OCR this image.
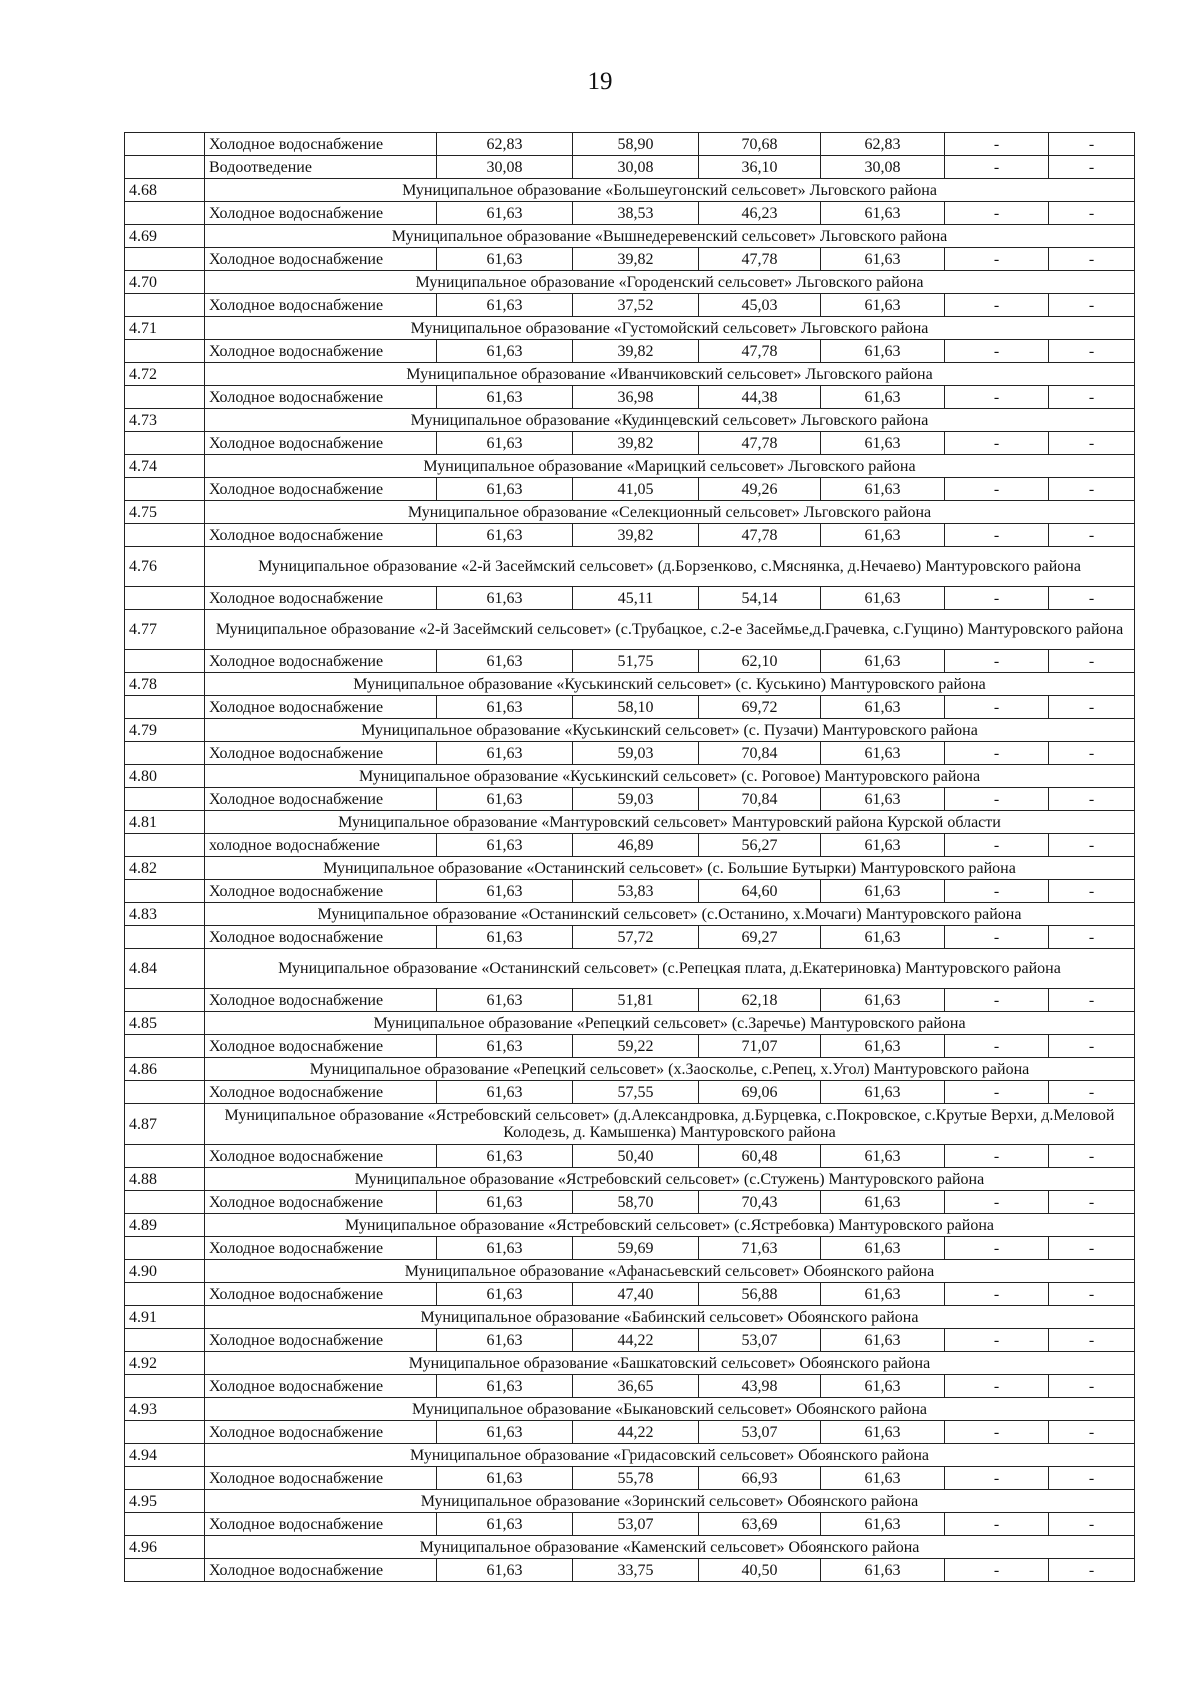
19
	Холодное водоснабжение	62,83	58,90	70,68	62,83	-	-
	Водоотведение	30,08	30,08	36,10	30,08	-	-
4.68	Муниципальное образование «Большеугонский сельсовет» Льговского района						
	Холодное водоснабжение	61,63	38,53	46,23	61,63	-	-
4.69	Муниципальное образование «Вышнедеревенский сельсовет» Льговского района						
	Холодное водоснабжение	61,63	39,82	47,78	61,63	-	-
4.70	Муниципальное образование «Городенский сельсовет» Льговского района						
	Холодное водоснабжение	61,63	37,52	45,03	61,63	-	-
4.71	Муниципальное образование «Густомойский сельсовет» Льговского района						
	Холодное водоснабжение	61,63	39,82	47,78	61,63	-	-
4.72	Муниципальное образование «Иванчиковский сельсовет» Льговского района						
	Холодное водоснабжение	61,63	36,98	44,38	61,63	-	-
4.73	Муниципальное образование «Кудинцевский сельсовет» Льговского района						
	Холодное водоснабжение	61,63	39,82	47,78	61,63	-	-
4.74	Муниципальное образование «Марицкий сельсовет» Льговского района						
	Холодное водоснабжение	61,63	41,05	49,26	61,63	-	-
4.75	Муниципальное образование «Селекционный сельсовет» Льговского района						
	Холодное водоснабжение	61,63	39,82	47,78	61,63	-	-
4.76	Муниципальное образование «2-й Засеймский сельсовет» (д.Борзенково, с.Мяснянка, д.Нечаево) Мантуровского района						
	Холодное водоснабжение	61,63	45,11	54,14	61,63	-	-
4.77	Муниципальное образование «2-й Засеймский сельсовет» (с.Трубацкое, с.2-е Засеймье,д.Грачевка, с.Гущино) Мантуровского района						
	Холодное водоснабжение	61,63	51,75	62,10	61,63	-	-
4.78	Муниципальное образование «Куськинский сельсовет» (с. Куськино) Мантуровского района						
	Холодное водоснабжение	61,63	58,10	69,72	61,63	-	-
4.79	Муниципальное образование «Куськинский сельсовет» (с. Пузачи) Мантуровского района						
	Холодное водоснабжение	61,63	59,03	70,84	61,63	-	-
4.80	Муниципальное образование «Куськинский сельсовет» (с. Роговое) Мантуровского района						
	Холодное водоснабжение	61,63	59,03	70,84	61,63	-	-
4.81	Муниципальное образование «Мантуровский сельсовет» Мантуровский района Курской области						
	холодное водоснабжение	61,63	46,89	56,27	61,63	-	-
4.82	Муниципальное образование «Останинский сельсовет» (с. Большие Бутырки) Мантуровского района						
	Холодное водоснабжение	61,63	53,83	64,60	61,63	-	-
4.83	Муниципальное образование «Останинский сельсовет» (с.Останино, х.Мочаги) Мантуровского района						
	Холодное водоснабжение	61,63	57,72	69,27	61,63	-	-
4.84	Муниципальное образование «Останинский сельсовет» (с.Репецкая плата, д.Екатериновка) Мантуровского района						
	Холодное водоснабжение	61,63	51,81	62,18	61,63	-	-
4.85	Муниципальное образование «Репецкий сельсовет» (с.Заречье) Мантуровского района						
	Холодное водоснабжение	61,63	59,22	71,07	61,63	-	-
4.86	Муниципальное образование «Репецкий сельсовет» (х.Заосколье, с.Репец, х.Угол) Мантуровского района						
	Холодное водоснабжение	61,63	57,55	69,06	61,63	-	-
4.87	Муниципальное образование «Ястребовский сельсовет» (д.Александровка, д.Бурцевка, с.Покровское, с.Крутые Верхи, д.Меловой Колодезь, д. Камышенка) Мантуровского района						
	Холодное водоснабжение	61,63	50,40	60,48	61,63	-	-
4.88	Муниципальное образование «Ястребовский сельсовет» (с.Стужень) Мантуровского района						
	Холодное водоснабжение	61,63	58,70	70,43	61,63	-	-
4.89	Муниципальное образование «Ястребовский сельсовет» (с.Ястребовка) Мантуровского района						
	Холодное водоснабжение	61,63	59,69	71,63	61,63	-	-
4.90	Муниципальное образование «Афанасьевский сельсовет» Обоянского района						
	Холодное водоснабжение	61,63	47,40	56,88	61,63	-	-
4.91	Муниципальное образование «Бабинский сельсовет» Обоянского района						
	Холодное водоснабжение	61,63	44,22	53,07	61,63	-	-
4.92	Муниципальное образование «Башкатовский сельсовет» Обоянского района						
	Холодное водоснабжение	61,63	36,65	43,98	61,63	-	-
4.93	Муниципальное образование «Быкановский сельсовет» Обоянского района						
	Холодное водоснабжение	61,63	44,22	53,07	61,63	-	-
4.94	Муниципальное образование «Гридасовский сельсовет» Обоянского района						
	Холодное водоснабжение	61,63	55,78	66,93	61,63	-	-
4.95	Муниципальное образование «Зоринский сельсовет» Обоянского района						
	Холодное водоснабжение	61,63	53,07	63,69	61,63	-	-
4.96	Муниципальное образование «Каменский сельсовет» Обоянского района						
	Холодное водоснабжение	61,63	33,75	40,50	61,63	-	-
